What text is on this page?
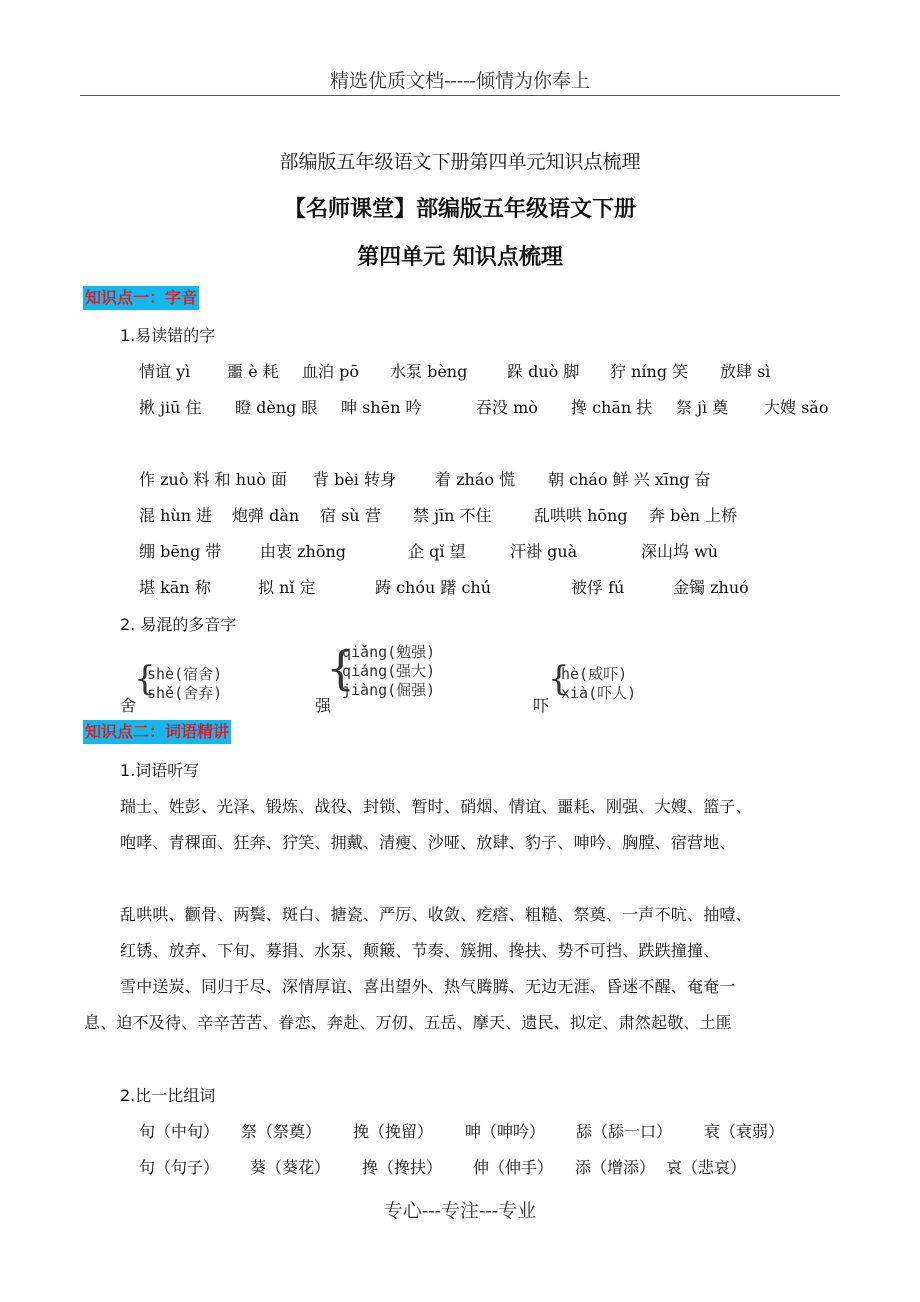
精选优质文档-----倾情为你奉上
部编版五年级语文下册第四单元知识点梳理
【名师课堂】部编版五年级语文下册
第四单元 知识点梳理
知识点一：字音
1.易读错的字
情谊 yì 噩 è 耗 血泊 pō 水泵 bèng 跺 duò 脚 狞 níng 笑 放肆 sì
揪 jiū 住 瞪 dèng 眼 呻 shēn 吟	吞没 mò 搀 chān 扶 祭 jì 奠 大嫂 sǎo
作 zuò 料 和 huò 面 背 bèi 转身 着 zháo 慌 朝 cháo 鲜 兴 xīng 奋
混 hùn 进 炮弹 dàn 宿 sù 营 禁 jīn 不住	乱哄哄 hōng 奔 bèn 上桥
绷 bēng 带 由衷 zhōng	企 qǐ 望	汗褂 guà	深山坞 wù
堪 kān 称	拟 nǐ 定	踌 chóu 躇 chú	被俘 fú	金镯 zhuó
2. 易混的多音字
舍
{
shè(宿舍)
shě(舍弃)
强
{
qiǎng(勉强)
qiáng(强大)
jiàng(倔强)
吓
{
hè(威吓)
xià(吓人)
知识点二：词语精讲
1.词语听写
瑞士、姓彭、光泽、锻炼、战役、封锁、暂时、硝烟、情谊、噩耗、刚强、大嫂、篮子、
咆哮、青稞面、狂奔、狞笑、拥戴、清瘦、沙哑、放肆、豹子、呻吟、胸膛、宿营地、
乱哄哄、颧骨、两鬓、斑白、搪瓷、严厉、收敛、疙瘩、粗糙、祭奠、一声不吭、抽噎、
红锈、放弃、下旬、募捐、水泵、颠簸、节奏、簇拥、搀扶、势不可挡、跌跌撞撞、
雪中送炭、同归于尽、深情厚谊、喜出望外、热气腾腾、无边无涯、昏迷不醒、奄奄一
息、迫不及待、辛辛苦苦、眷恋、奔赴、万仞、五岳、摩天、遗民、拟定、肃然起敬、土匪
2.比一比组词
旬（中旬） 祭（祭奠） 挽（挽留） 呻（呻吟） 舔（舔一口） 衰（衰弱）
句（句子） 葵（葵花） 搀（搀扶） 伸（伸手） 添（增添） 哀（悲哀）
专心---专注---专业
